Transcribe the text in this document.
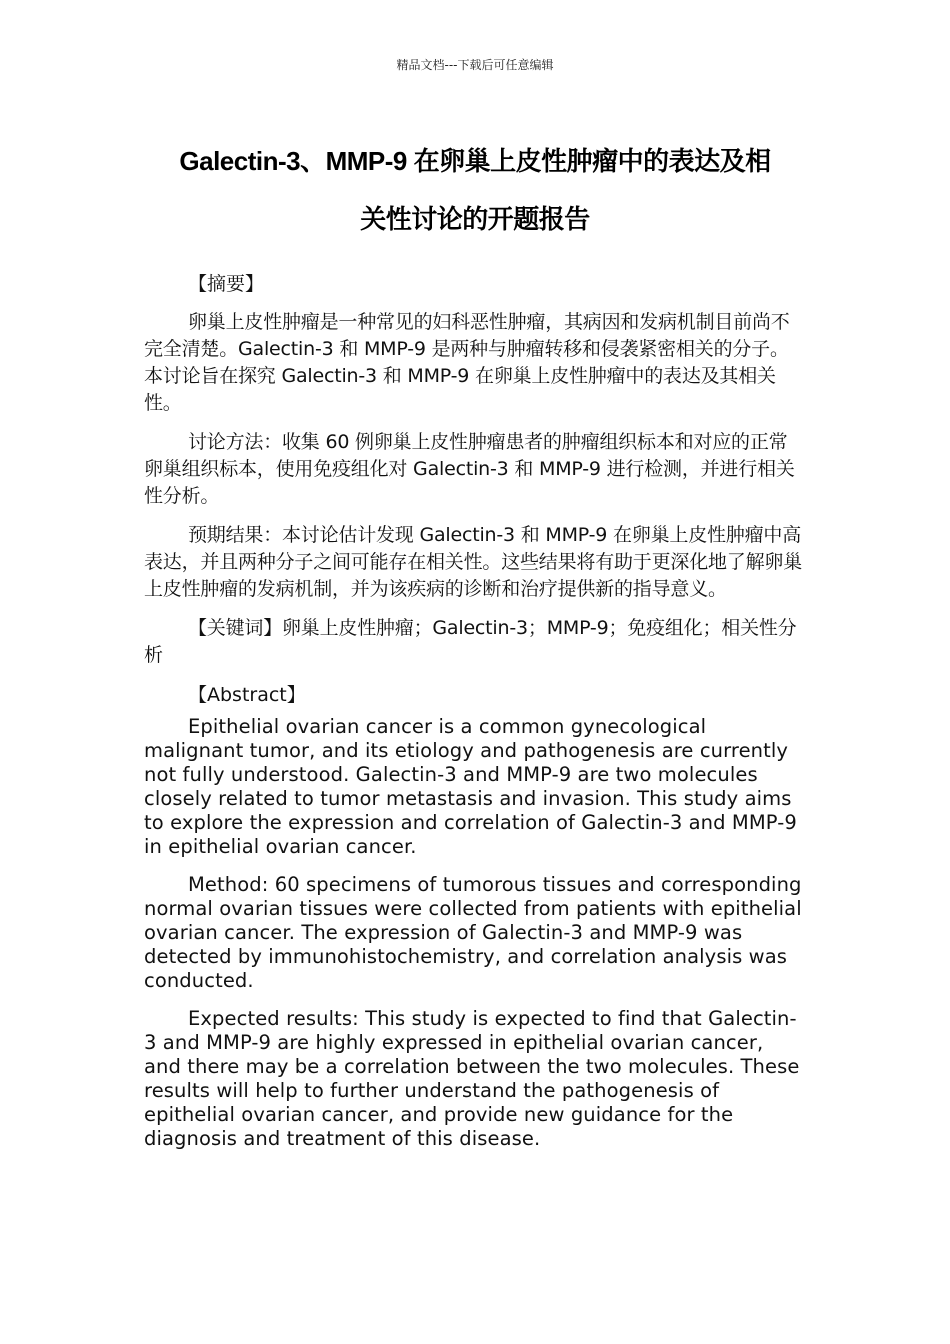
精品文档---下载后可任意编辑
Galectin-3、MMP-9 在卵巢上皮性肿瘤中的表达及相
关性讨论的开题报告
【摘要】

卵巢上皮性肿瘤是一种常见的妇科恶性肿瘤，其病因和发病机制目前尚不完全清楚。Galectin-3 和 MMP-9 是两种与肿瘤转移和侵袭紧密相关的分子。本讨论旨在探究 Galectin-3 和 MMP-9 在卵巢上皮性肿瘤中的表达及其相关性。

讨论方法：收集 60 例卵巢上皮性肿瘤患者的肿瘤组织标本和对应的正常卵巢组织标本，使用免疫组化对 Galectin-3 和 MMP-9 进行检测，并进行相关性分析。

预期结果：本讨论估计发现 Galectin-3 和 MMP-9 在卵巢上皮性肿瘤中高表达，并且两种分子之间可能存在相关性。这些结果将有助于更深化地了解卵巢上皮性肿瘤的发病机制，并为该疾病的诊断和治疗提供新的指导意义。

【关键词】卵巢上皮性肿瘤；Galectin-3；MMP-9；免疫组化；相关性分析

【Abstract】

Epithelial ovarian cancer is a common gynecological malignant tumor, and its etiology and pathogenesis are currently not fully understood. Galectin-3 and MMP-9 are two molecules closely related to tumor metastasis and invasion. This study aims to explore the expression and correlation of Galectin-3 and MMP-9 in epithelial ovarian cancer.

Method: 60 specimens of tumorous tissues and corresponding normal ovarian tissues were collected from patients with epithelial ovarian cancer. The expression of Galectin-3 and MMP-9 was detected by immunohistochemistry, and correlation analysis was conducted.

Expected results: This study is expected to find that Galectin-3 and MMP-9 are highly expressed in epithelial ovarian cancer, and there may be a correlation between the two molecules. These results will help to further understand the pathogenesis of epithelial ovarian cancer, and provide new guidance for the diagnosis and treatment of this disease.
